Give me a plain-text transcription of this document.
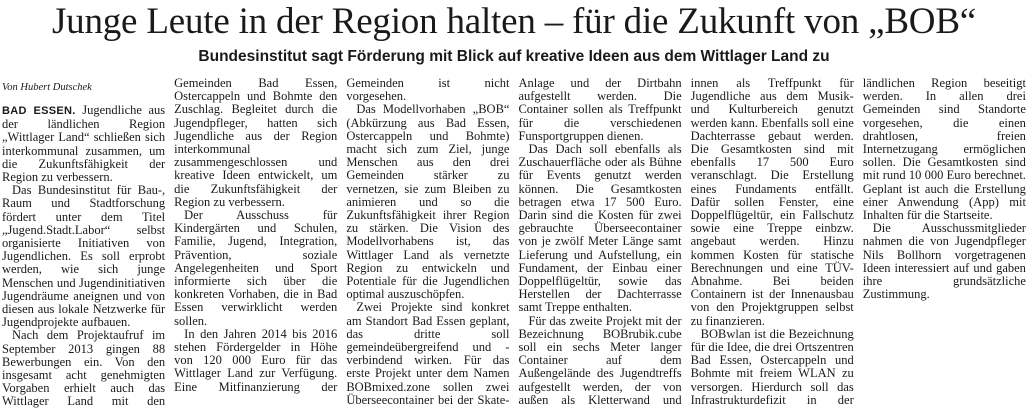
Junge Leute in der Region halten – für die Zukunft von „BOB“
Bundesinstitut sagt Förderung mit Blick auf kreative Ideen aus dem Wittlager Land zu
Von Hubert Dutschek

BAD ESSEN. Jugendliche aus der ländlichen Region „Wittlager Land“ schließen sich interkommunal zusammen, um die Zukunftsfähigkeit der Region zu verbessern.

Das Bundesinstitut für Bau-, Raum und Stadtforschung fördert unter dem Titel „Jugend.Stadt.Labor“ selbst organisierte Initiativen von Jugendlichen. Es soll erprobt werden, wie sich junge Menschen und Jugendinitiativen Jugendräume aneignen und von diesen aus lokale Netzwerke für Jugendprojekte aufbauen.

Nach dem Projektaufruf im September 2013 gingen 88 Bewerbungen ein. Von den insgesamt acht genehmigten Vorgaben erhielt auch das Wittlager Land mit den Gemeinden Bad Essen, Ostercappeln und Bohmte den Zuschlag. Begleitet durch die Jugendpfleger, hatten sich Jugendliche aus der Region interkommunal zusammengeschlossen und kreative Ideen entwickelt, um die Zukunftsfähigkeit der Region zu verbessern.

Der Ausschuss für Kindergärten und Schulen, Familie, Jugend, Integration, Prävention, soziale Angelegenheiten und Sport informierte sich über die konkreten Vorhaben, die in Bad Essen verwirklicht werden sollen.

In den Jahren 2014 bis 2016 stehen Fördergelder in Höhe von 120 000 Euro für das Wittlager Land zur Verfügung. Eine Mitfinanzierung der Gemeinden ist nicht vorgesehen.

Das Modellvorhaben „BOB“ (Abkürzung aus Bad Essen, Ostercappeln und Bohmte) macht sich zum Ziel, junge Menschen aus den drei Gemeinden stärker zu vernetzen, sie zum Bleiben zu animieren und so die Zukunftsfähigkeit ihrer Region zu stärken. Die Vision des Modellvorhabens ist, das Wittlager Land als vernetzte Region zu entwickeln und Potentiale für die Jugendlichen optimal auszuschöpfen.

Zwei Projekte sind konkret am Standort Bad Essen geplant, das dritte soll gemeindeübergreifend und -verbindend wirken. Für das erste Projekt unter dem Namen BOBmixed.zone sollen zwei Überseecontainer bei der Skate-Anlage und der Dirtbahn aufgestellt werden. Die Container sollen als Treffpunkt für die verschiedenen Funsportgruppen dienen.

Das Dach soll ebenfalls als Zuschauerfläche oder als Bühne für Events genutzt werden können. Die Gesamtkosten betragen etwa 17 500 Euro. Darin sind die Kosten für zwei gebrauchte Überseecontainer von je zwölf Meter Länge samt Lieferung und Aufstellung, ein Fundament, der Einbau einer Doppelflügeltür, sowie das Herstellen der Dachterrasse samt Treppe enthalten.

Für das zweite Projekt mit der Bezeichnung BOBrubik.cube soll ein sechs Meter langer Container auf dem Außengelände des Jugendtreffs aufgestellt werden, der von außen als Kletterwand und innen als Treffpunkt für Jugendliche aus dem Musik- und Kulturbereich genutzt werden kann. Ebenfalls soll eine Dachterrasse gebaut werden. Die Gesamtkosten sind mit ebenfalls 17 500 Euro veranschlagt. Die Erstellung eines Fundaments entfällt. Dafür sollen Fenster, eine Doppelflügeltür, ein Fallschutz sowie eine Treppe einbzw. angebaut werden. Hinzu kommen Kosten für statische Berechnungen und eine TÜV-Abnahme. Bei beiden Containern ist der Innenausbau von den Projektgruppen selbst zu finanzieren.

BOBwlan ist die Bezeichnung für die Idee, die drei Ortszentren Bad Essen, Ostercappeln und Bohmte mit freiem WLAN zu versorgen. Hierdurch soll das Infrastrukturdefizit in der ländlichen Region beseitigt werden. In allen drei Gemeinden sind Standorte vorgesehen, die einen drahtlosen, freien Internetzugang ermöglichen sollen. Die Gesamtkosten sind mit rund 10 000 Euro berechnet. Geplant ist auch die Erstellung einer Anwendung (App) mit Inhalten für die Startseite.

Die Ausschussmitglieder nahmen die von Jugendpfleger Nils Bollhorn vorgetragenen Ideen interessiert auf und gaben ihre grundsätzliche Zustimmung.
